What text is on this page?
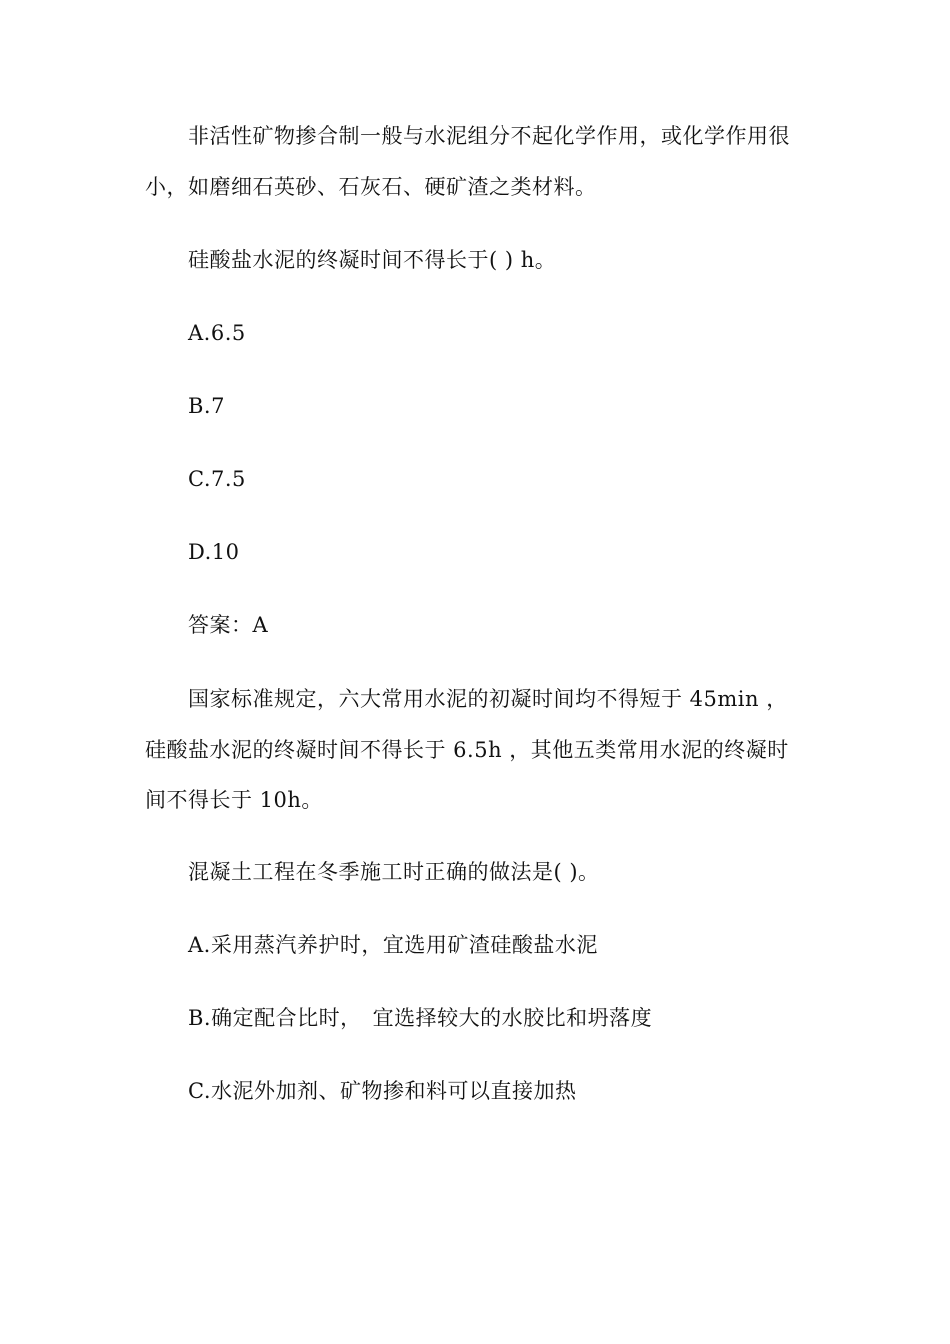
非活性矿物掺合制一般与水泥组分不起化学作用，或化学作用很
小，如磨细石英砂、石灰石、硬矿渣之类材料。
硅酸盐水泥的终凝时间不得长于( ) h。
A.6.5
B.7
C.7.5
D.10
答案：A
国家标准规定，六大常用水泥的初凝时间均不得短于 45min ，
硅酸盐水泥的终凝时间不得长于 6.5h ，其他五类常用水泥的终凝时
间不得长于 10h。
混凝土工程在冬季施工时正确的做法是( )。
A.采用蒸汽养护时，宜选用矿渣硅酸盐水泥
B.确定配合比时，　宜选择较大的水胶比和坍落度
C.水泥外加剂、矿物掺和料可以直接加热
